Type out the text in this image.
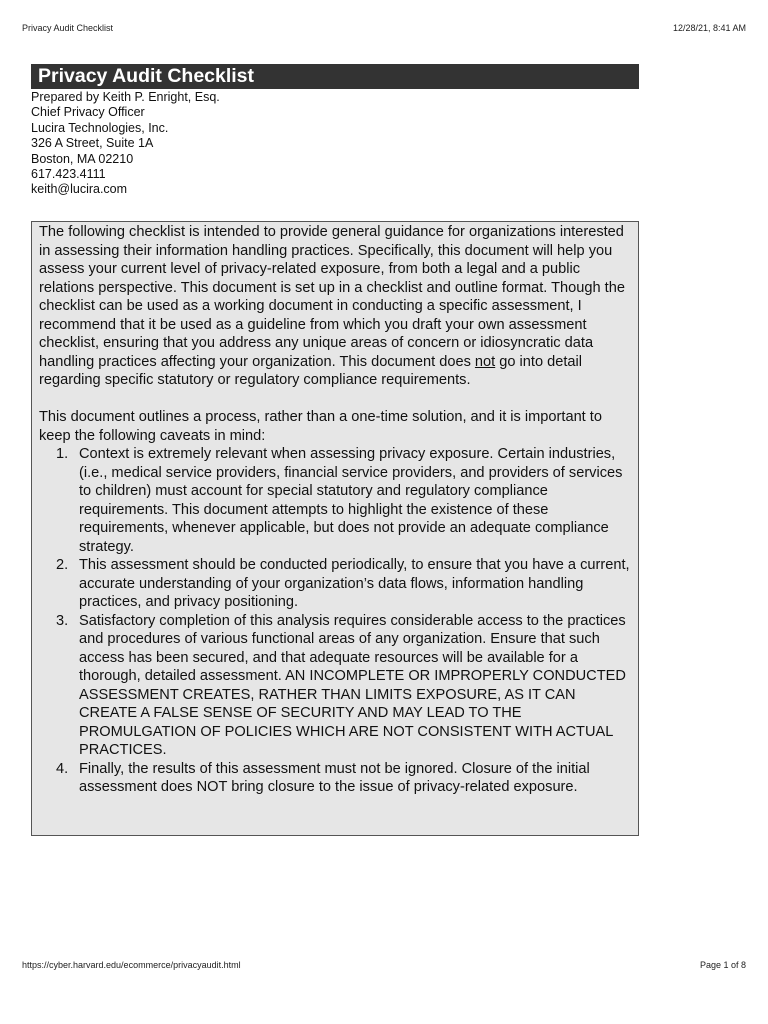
Privacy Audit Checklist	12/28/21, 8:41 AM
Privacy Audit Checklist
Prepared by Keith P. Enright, Esq.
Chief Privacy Officer
Lucira Technologies, Inc.
326 A Street, Suite 1A
Boston, MA 02210
617.423.4111
keith@lucira.com

The following checklist is intended to provide general guidance for organizations interested in assessing their information handling practices. Specifically, this document will help you assess your current level of privacy-related exposure, from both a legal and a public relations perspective. This document is set up in a checklist and outline format. Though the checklist can be used as a working document in conducting a specific assessment, I recommend that it be used as a guideline from which you draft your own assessment checklist, ensuring that you address any unique areas of concern or idiosyncratic data handling practices affecting your organization. This document does not go into detail regarding specific statutory or regulatory compliance requirements.

This document outlines a process, rather than a one-time solution, and it is important to keep the following caveats in mind:

1. Context is extremely relevant when assessing privacy exposure. Certain industries, (i.e., medical service providers, financial service providers, and providers of services to children) must account for special statutory and regulatory compliance requirements. This document attempts to highlight the existence of these requirements, whenever applicable, but does not provide an adequate compliance strategy.
2. This assessment should be conducted periodically, to ensure that you have a current, accurate understanding of your organization’s data flows, information handling practices, and privacy positioning.
3. Satisfactory completion of this analysis requires considerable access to the practices and procedures of various functional areas of any organization. Ensure that such access has been secured, and that adequate resources will be available for a thorough, detailed assessment. AN INCOMPLETE OR IMPROPERLY CONDUCTED ASSESSMENT CREATES, RATHER THAN LIMITS EXPOSURE, AS IT CAN CREATE A FALSE SENSE OF SECURITY AND MAY LEAD TO THE PROMULGATION OF POLICIES WHICH ARE NOT CONSISTENT WITH ACTUAL PRACTICES.
4. Finally, the results of this assessment must not be ignored. Closure of the initial assessment does NOT bring closure to the issue of privacy-related exposure.
https://cyber.harvard.edu/ecommerce/privacyaudit.html	Page 1 of 8
